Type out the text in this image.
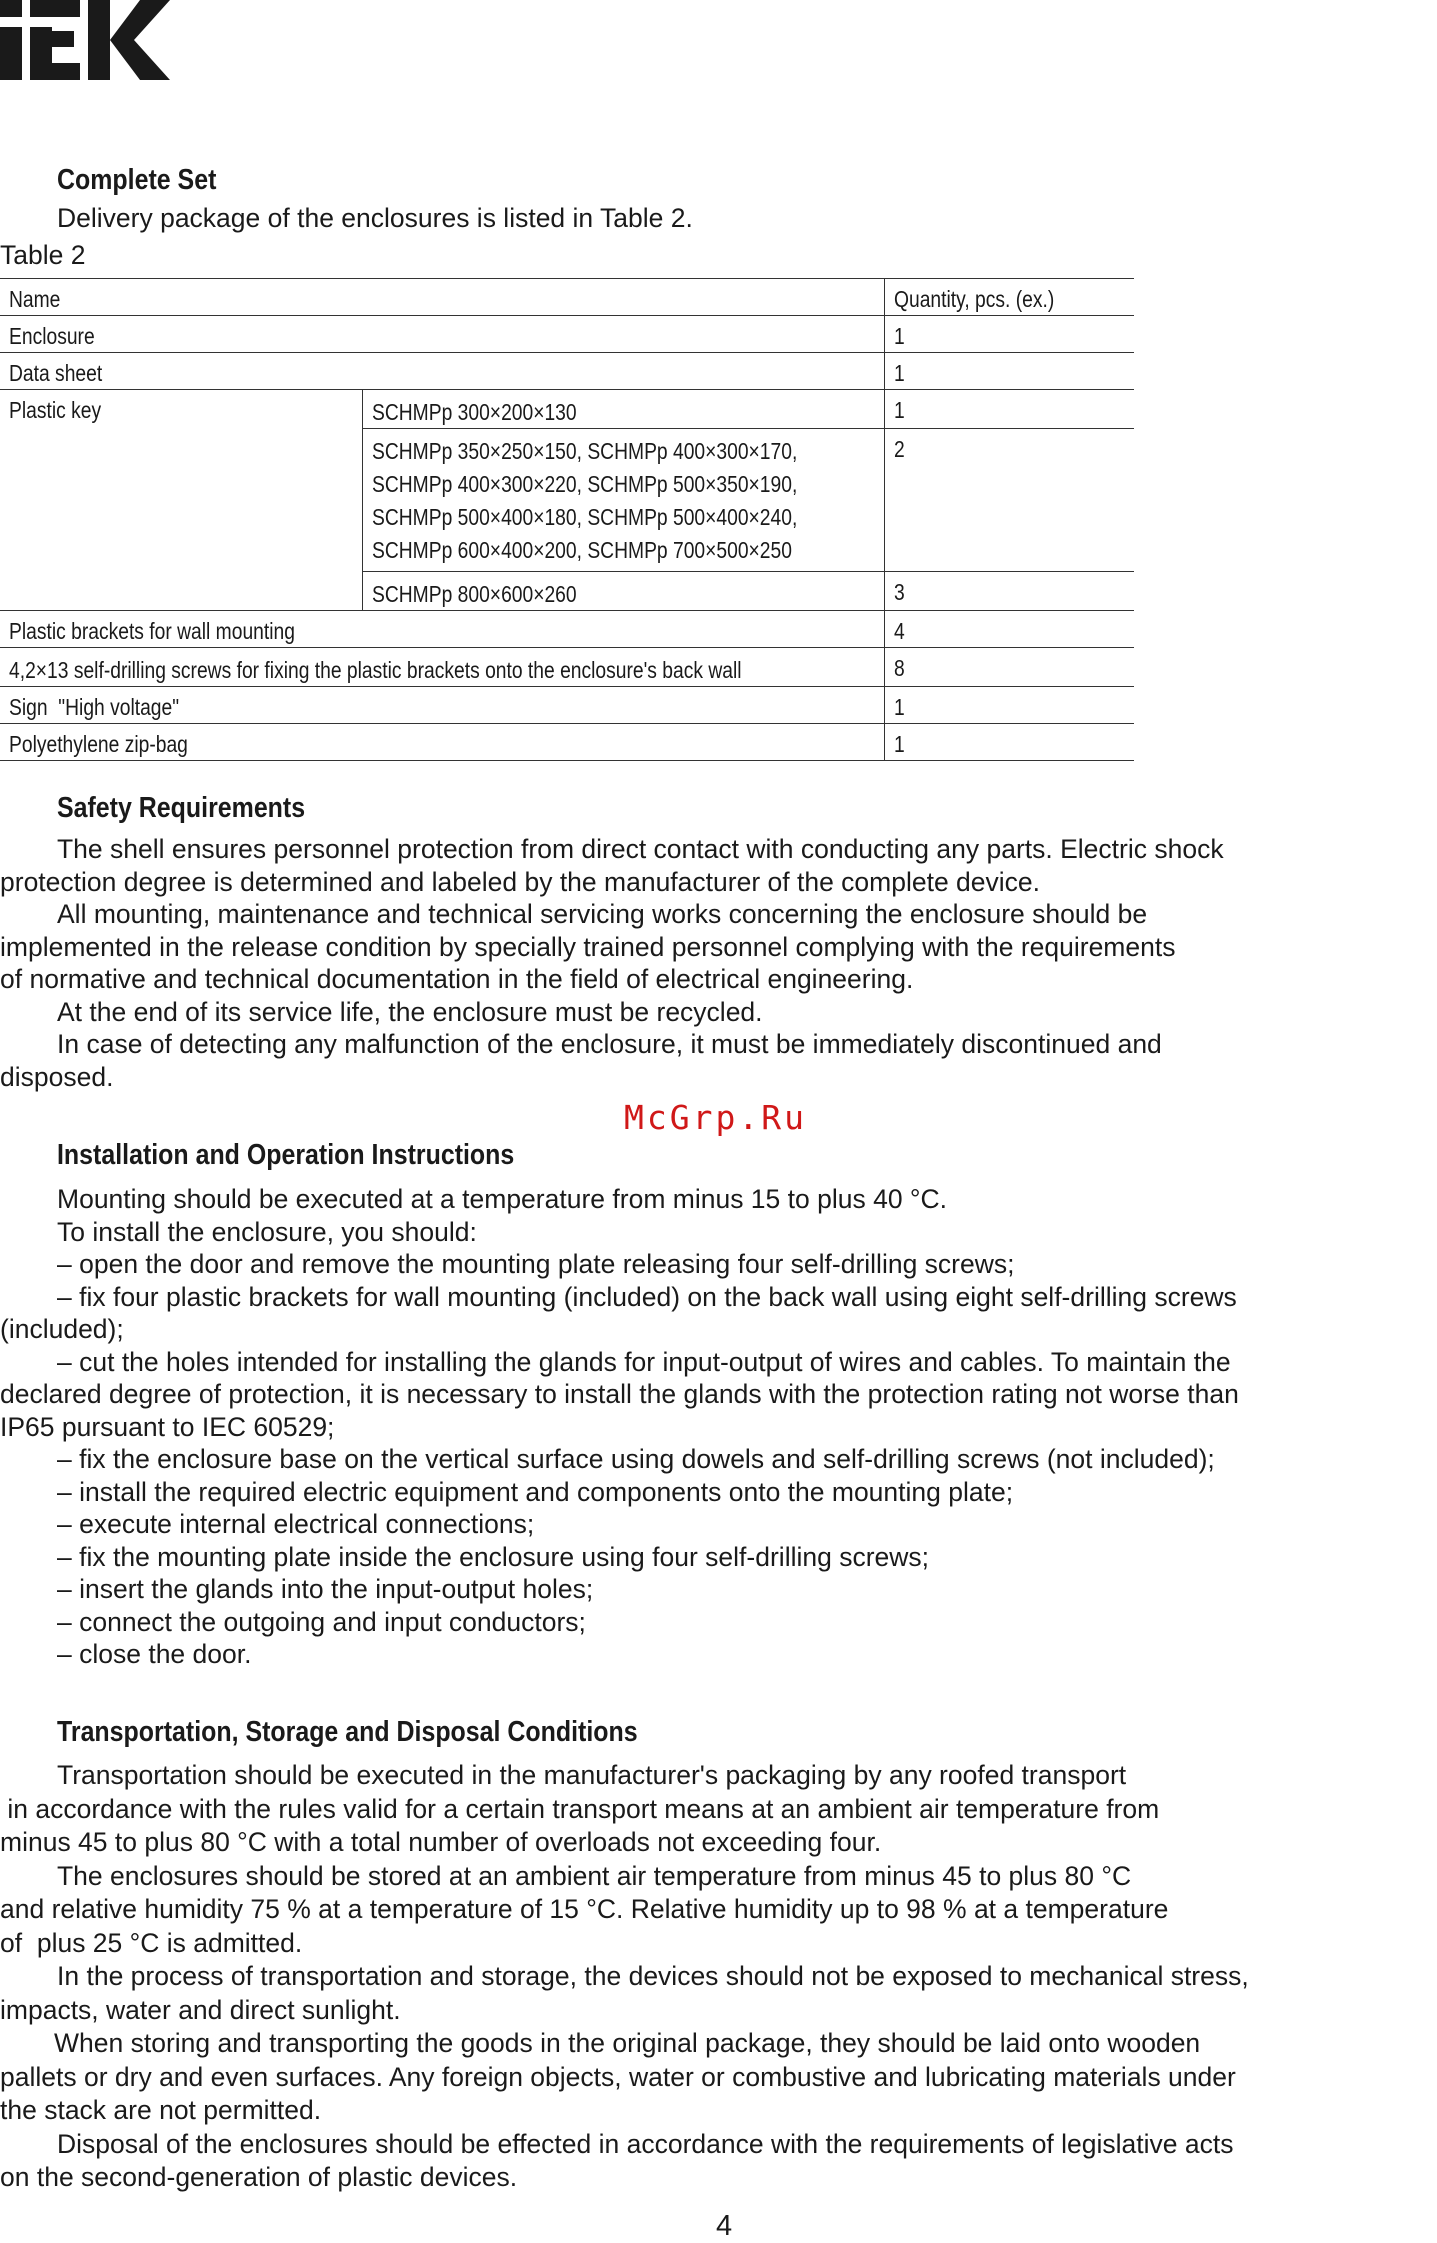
Complete Set

Delivery package of the enclosures is listed in Table 2.

Table 2
Name		Quantity, pcs. (ex.)
Enclosure		1
Data sheet		1
Plastic key	SCHMPp 300×200×130	1

	SCHMPp 350×250×150, SCHMPp 400×300×170,
SCHMPp 400×300×220, SCHMPp 500×350×190,
SCHMPp 500×400×180, SCHMPp 500×400×240,
SCHMPp 600×400×200, SCHMPp 700×500×250	2
	SCHMPp 800×600×260	3
Plastic brackets for wall mounting		4
4,2×13 self-drilling screws for fixing the plastic brackets onto the enclosure's back wall		8
Sign  "High voltage"		1
Polyethylene zip-bag		1
Safety Requirements
The shell ensures personnel protection from direct contact with conducting any parts. Electric shock
protection degree is determined and labeled by the manufacturer of the complete device.
All mounting, maintenance and technical servicing works concerning the enclosure should be
implemented in the release condition by specially trained personnel complying with the requirements
of normative and technical documentation in the field of electrical engineering.
At the end of its service life, the enclosure must be recycled.
In case of detecting any malfunction of the enclosure, it must be immediately discontinued and
disposed.
McGrp.Ru
Installation and Operation Instructions
Mounting should be executed at a temperature from minus 15 to plus 40 °C.
To install the enclosure, you should:
– open the door and remove the mounting plate releasing four self-drilling screws;
– fix four plastic brackets for wall mounting (included) on the back wall using eight self-drilling screws
(included);
– cut the holes intended for installing the glands for input-output of wires and cables. To maintain the
declared degree of protection, it is necessary to install the glands with the protection rating not worse than
IP65 pursuant to IEC 60529;
– fix the enclosure base on the vertical surface using dowels and self-drilling screws (not included);
– install the required electric equipment and components onto the mounting plate;
– execute internal electrical connections;
– fix the mounting plate inside the enclosure using four self-drilling screws;
– insert the glands into the input-output holes;
– connect the outgoing and input conductors;
– close the door.
Transportation, Storage and Disposal Conditions
Transportation should be executed in the manufacturer's packaging by any roofed transport
in accordance with the rules valid for a certain transport means at an ambient air temperature from
minus 45 to plus 80 °C with a total number of overloads not exceeding four.
The enclosures should be stored at an ambient air temperature from minus 45 to plus 80 °C
and relative humidity 75 % at a temperature of 15 °C. Relative humidity up to 98 % at a temperature
of  plus 25 °C is admitted.
In the process of transportation and storage, the devices should not be exposed to mechanical stress,
impacts, water and direct sunlight.
When storing and transporting the goods in the original package, they should be laid onto wooden
pallets or dry and even surfaces. Any foreign objects, water or combustive and lubricating materials under
the stack are not permitted.
Disposal of the enclosures should be effected in accordance with the requirements of legislative acts
on the second-generation of plastic devices.
4
